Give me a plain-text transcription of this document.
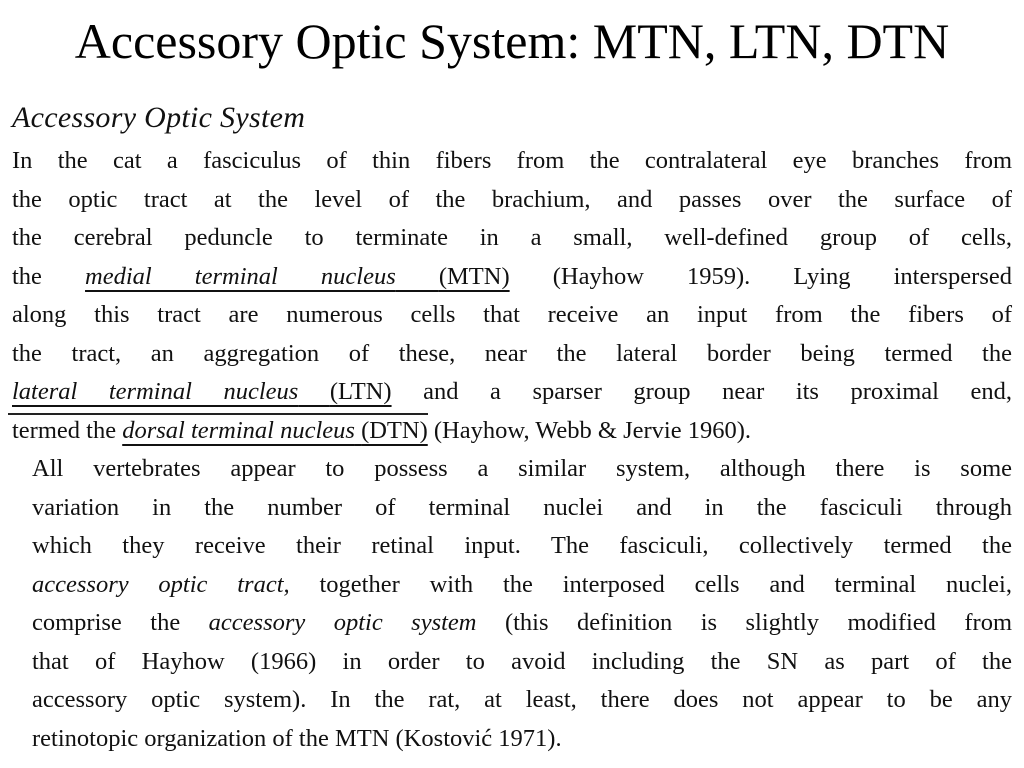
Accessory Optic System: MTN, LTN, DTN
Accessory Optic System
In the cat a fasciculus of thin fibers from the contralateral eye branches from
the optic tract at the level of the brachium, and passes over the surface of
the cerebral peduncle to terminate in a small, well-defined group of cells,
the medial terminal nucleus (MTN) (Hayhow 1959). Lying interspersed
along this tract are numerous cells that receive an input from the fibers of
the tract, an aggregation of these, near the lateral border being termed the
lateral terminal nucleus (LTN) and a sparser group near its proximal end,
termed the dorsal terminal nucleus (DTN) (Hayhow, Webb & Jervie 1960).
All vertebrates appear to possess a similar system, although there is some
variation in the number of terminal nuclei and in the fasciculi through
which they receive their retinal input. The fasciculi, collectively termed the
accessory optic tract, together with the interposed cells and terminal nuclei,
comprise the accessory optic system (this definition is slightly modified from
that of Hayhow (1966) in order to avoid including the SN as part of the
accessory optic system). In the rat, at least, there does not appear to be any
retinotopic organization of the MTN (Kostović 1971).
